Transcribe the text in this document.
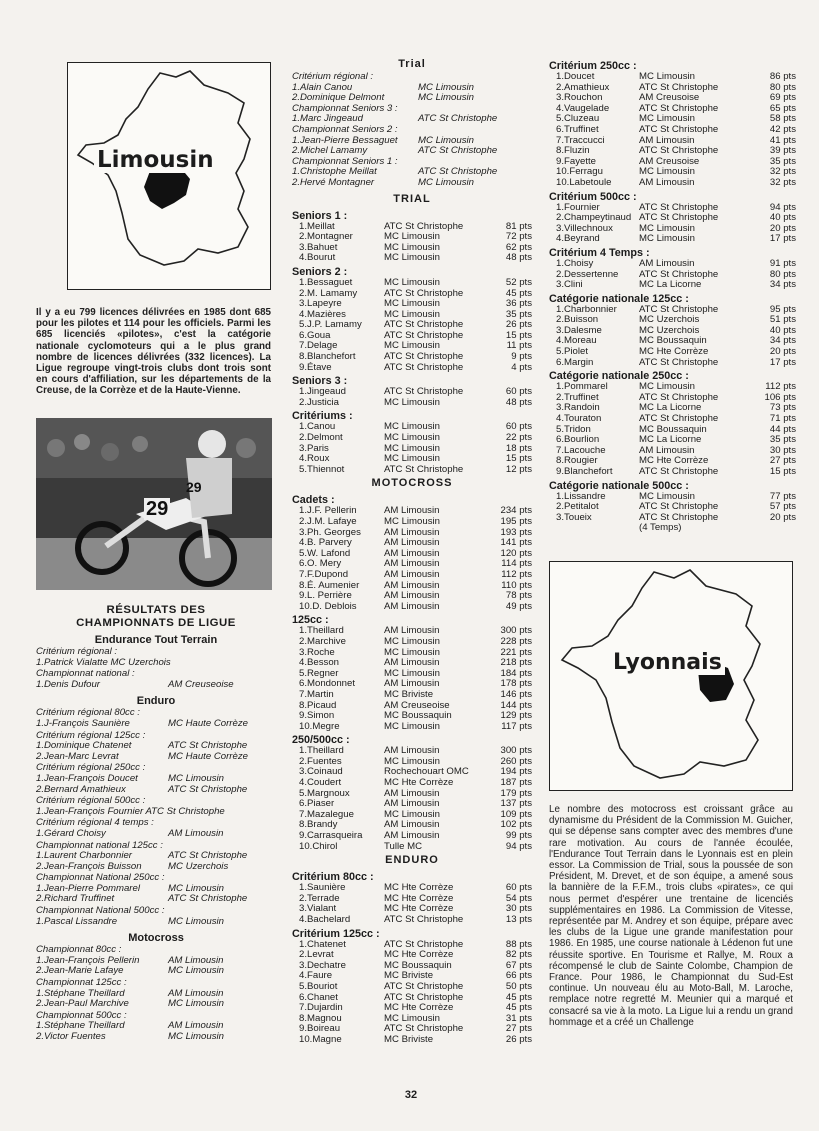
Limousin
Il y a eu 799 licences délivrées en 1985 dont 685 pour les pilotes et 114 pour les officiels. Parmi les 685 licenciés «pilotes», c'est la catégorie nationale cyclomoteurs qui a le plus grand nombre de licences délivrées (332 licences). La Ligue regroupe vingt-trois clubs dont trois sont en cours d'affiliation, sur les départements de la Creuse, de la Corrèze et de la Haute-Vienne.
29
29
RÉSULTATS DES
CHAMPIONNATS DE LIGUE
Endurance Tout Terrain
Critérium régional :
1.Patrick Vialatte MC Uzerchois
Championnat national :
1.Denis Dufour	AM Creuseoise
Enduro
Critérium régional 80cc :
1.J-François Saunière	MC Haute Corrèze
Critérium régional 125cc :
1.Dominique Chatenet	ATC St Christophe
2.Jean-Marc Levrat	MC Haute Corrèze
Critérium régional 250cc :
1.Jean-François Doucet	MC Limousin
2.Bernard Amathieux	ATC St Christophe
Critérium régional 500cc :
1.Jean-François Fournier ATC St Christophe
Critérium régional 4 temps :
1.Gérard Choisy	AM Limousin
Championnat national 125cc :
1.Laurent Charbonnier	ATC St Christophe
2.Jean-François Buisson	MC Uzerchois
Championnat National 250cc :
1.Jean-Pierre Pommarel	MC Limousin
2.Richard Truffinet	ATC St Christophe
Championnat National 500cc :
1.Pascal Lissandre	MC Limousin
Motocross
Championnat 80cc :
1.Jean-François Pellerin	AM Limousin
2.Jean-Marie Lafaye	MC Limousin
Championnat 125cc :
1.Stéphane Theillard	AM Limousin
2.Jean-Paul Marchive	MC Limousin
Championnat 500cc :
1.Stéphane Theillard	AM Limousin
2.Victor Fuentes	MC Limousin
Trial
Critérium régional :
1.Alain Canou	MC Limousin
2.Dominique Delmont	MC Limousin
Championnat Seniors 3 :
1.Marc Jingeaud	ATC St Christophe
Championnat Seniors 2 :
1.Jean-Pierre Bessaguet	MC Limousin
2.Michel Lamamy	ATC St Christophe
Championnat Seniors 1 :
1.Christophe Meillat	ATC St Christophe
2.Hervé Montagner	MC Limousin
TRIAL
Seniors 1 :
1.Meillat	ATC St Christophe	81 pts
2.Montagner	MC Limousin	72 pts
3.Bahuet	MC Limousin	62 pts
4.Bourut	MC Limousin	48 pts
Seniors 2 :
1.Bessaguet	MC Limousin	52 pts
2.M. Lamamy	ATC St Christophe	45 pts
3.Lapeyre	MC Limousin	36 pts
4.Mazières	MC Limousin	35 pts
5.J.P. Lamamy	ATC St Christophe	26 pts
6.Goua	ATC St Christophe	15 pts
7.Delage	MC Limousin	11 pts
8.Blanchefort	ATC St Christophe	9 pts
9.Étave	ATC St Christophe	4 pts
Seniors 3 :
1.Jingeaud	ATC St Christophe	60 pts
2.Justicia	MC Limousin	48 pts
Critériums :
1.Canou	MC Limousin	60 pts
2.Delmont	MC Limousin	22 pts
3.Paris	MC Limousin	18 pts
4.Roux	MC Limousin	15 pts
5.Thiennot	ATC St Christophe	12 pts
MOTOCROSS
Cadets :
1.J.F. Pellerin	AM Limousin	234 pts
2.J.M. Lafaye	MC Limousin	195 pts
3.Ph. Georges	AM Limousin	193 pts
4.B. Parvery	AM Limousin	141 pts
5.W. Lafond	AM Limousin	120 pts
6.O. Mery	AM Limousin	114 pts
7.F.Dupond	AM Limousin	112 pts
8.É. Aumenier	AM Limousin	110 pts
9.L. Perrière	AM Limousin	78 pts
10.D. Deblois	AM Limousin	49 pts
125cc :
1.Theillard	AM Limousin	300 pts
2.Marchive	MC Limousin	228 pts
3.Roche	MC Limousin	221 pts
4.Besson	AM Limousin	218 pts
5.Regner	MC Limousin	184 pts
6.Mondonnet	AM Limousin	178 pts
7.Martin	MC Briviste	146 pts
8.Picaud	AM Creuseoise	144 pts
9.Simon	MC Boussaquin	129 pts
10.Megre	MC Limousin	117 pts
250/500cc :
1.Theillard	AM Limousin	300 pts
2.Fuentes	MC Limousin	260 pts
3.Coinaud	Rochechouart OMC	194 pts
4.Coudert	MC Hte Corrèze	187 pts
5.Margnoux	AM Limousin	179 pts
6.Piaser	AM Limousin	137 pts
7.Mazalegue	MC Limousin	109 pts
8.Brandy	AM Limousin	102 pts
9.Carrasqueira	AM Limousin	99 pts
10.Chirol	Tulle MC	94 pts
ENDURO
Critérium 80cc :
1.Saunière	MC Hte Corrèze	60 pts
2.Terrade	MC Hte Corrèze	54 pts
3.Vialant	MC Hte Corrèze	30 pts
4.Bachelard	ATC St Christophe	13 pts
Critérium 125cc :
1.Chatenet	ATC St Christophe	88 pts
2.Levrat	MC Hte Corrèze	82 pts
3.Dechatre	MC Boussaquin	67 pts
4.Faure	MC Briviste	66 pts
5.Bouriot	ATC St Christophe	50 pts
6.Chanet	ATC St Christophe	45 pts
7.Dujardin	MC Hte Corrèze	45 pts
8.Magnou	MC Limousin	31 pts
9.Boireau	ATC St Christophe	27 pts
10.Magne	MC Briviste	26 pts
Critérium 250cc :
1.Doucet	MC Limousin	86 pts
2.Amathieux	ATC St Christophe	80 pts
3.Rouchon	AM Creusoise	69 pts
4.Vaugelade	ATC St Christophe	65 pts
5.Cluzeau	MC Limousin	58 pts
6.Truffinet	ATC St Christophe	42 pts
7.Traccucci	AM Limousin	41 pts
8.Fluzin	ATC St Christophe	39 pts
9.Fayette	AM Creusoise	35 pts
10.Ferragu	MC Limousin	32 pts
10.Labetoule	AM Limousin	32 pts
Critérium 500cc :
1.Fournier	ATC St Christophe	94 pts
2.Champeytinaud	ATC St Christophe	40 pts
3.Villechnoux	MC Limousin	20 pts
4.Beyrand	MC Limousin	17 pts
Critérium 4 Temps :
1.Choisy	AM Limousin	91 pts
2.Dessertenne	ATC St Christophe	80 pts
3.Clini	MC La Licorne	34 pts
Catégorie nationale 125cc :
1.Charbonnier	ATC St Christophe	95 pts
2.Buisson	MC Uzerchois	51 pts
3.Dalesme	MC Uzerchois	40 pts
4.Moreau	MC Boussaquin	34 pts
5.Piolet	MC Hte Corrèze	20 pts
6.Margin	ATC St Christophe	17 pts
Catégorie nationale 250cc :
1.Pommarel	MC Limousin	112 pts
2.Truffinet	ATC St Christophe	106 pts
3.Randoin	MC La Licorne	73 pts
4.Touraton	ATC St Christophe	71 pts
5.Tridon	MC Boussaquin	44 pts
6.Bourlion	MC La Licorne	35 pts
7.Lacouche	AM Limousin	30 pts
8.Rougier	MC Hte Corrèze	27 pts
9.Blanchefort	ATC St Christophe	15 pts
Catégorie nationale 500cc :
1.Lissandre	MC Limousin	77 pts
2.Petitalot	ATC St Christophe	57 pts
3.Toueix	ATC St Christophe	20 pts
	(4 Temps)	
Lyonnais
Le nombre des motocross est croissant grâce au dynamisme du Président de la Commission M. Guicher, qui se dépense sans compter avec des membres d'une rare motivation. Au cours de l'année écoulée, l'Endurance Tout Terrain dans le Lyonnais est en plein essor. La Commission de Trial, sous la poussée de son Président, M. Drevet, et de son équipe, a amené sous la bannière de la F.F.M., trois clubs «pirates», ce qui nous permet d'espérer une trentaine de licenciés supplémentaires en 1986. La Commission de Vitesse, représentée par M. Andrey et son équipe, prépare avec les clubs de la Ligue une grande manifestation pour 1986. En 1985, une course nationale à Lédenon fut une réussite sportive. En Tourisme et Rallye, M. Roux a récompensé le club de Sainte Colombe, Champion de France. Pour 1986, le Championnat du Sud-Est continue. Un nouveau élu au Moto-Ball, M. Laroche, remplace notre regretté M. Meunier qui a marqué et consacré sa vie à la moto. La Ligue lui a rendu un grand hommage et a créé un Challenge
32
